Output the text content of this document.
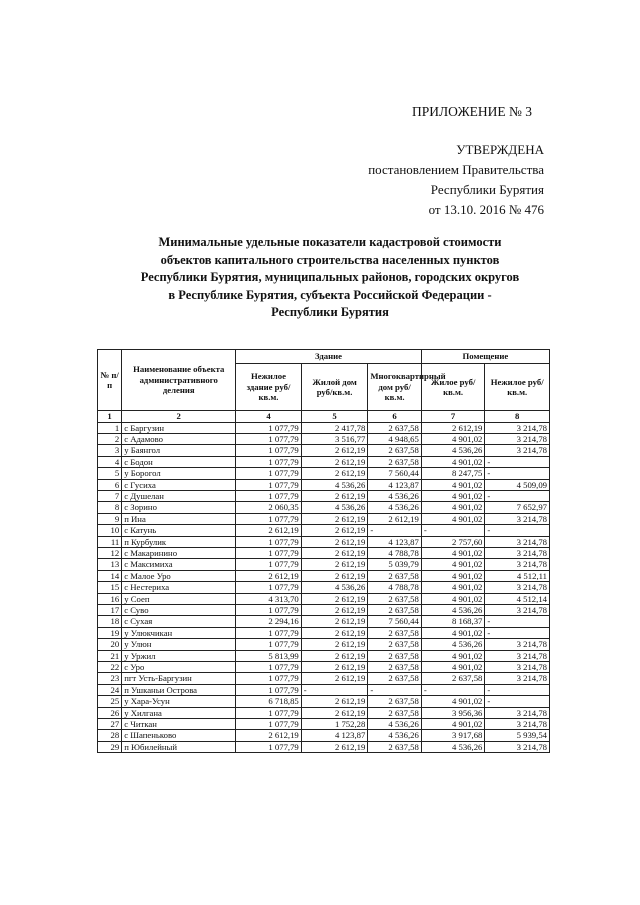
ПРИЛОЖЕНИЕ № 3
УТВЕРЖДЕНА
постановлением Правительства
Республики Бурятия
от 13.10. 2016 № 476
Минимальные удельные показатели кадастровой стоимости
объектов капитального строительства населенных пунктов
Республики Бурятия, муниципальных районов, городских округов
в Республике Бурятия, субъекта Российской Федерации -
Республики Бурятия
№ п/п	Наименование объекта административного деления	Здание			Помещение	
		Нежилое здание руб/кв.м.	Жилой дом руб/кв.м.	Многоквартирный дом руб/кв.м.	Жилое руб/кв.м.	Нежилое руб/кв.м.
1	2	4	5	6	7	8
1	с Баргузин	1 077,79	2 417,78	2 637,58	2 612,19	3 214,78
2	с Адамово	1 077,79	3 516,77	4 948,65	4 901,02	3 214,78
3	у Баянгол	1 077,79	2 612,19	2 637,58	4 536,26	3 214,78
4	с Бодон	1 077,79	2 612,19	2 637,58	4 901,02	-
5	у Борогол	1 077,79	2 612,19	7 560,44	8 247,75	-
6	с Гусиха	1 077,79	4 536,26	4 123,87	4 901,02	4 509,09
7	с Душелан	1 077,79	2 612,19	4 536,26	4 901,02	-
8	с Зорино	2 060,35	4 536,26	4 536,26	4 901,02	7 652,97
9	п Ина	1 077,79	2 612,19	2 612,19	4 901,02	3 214,78
10	с Катунь	2 612,19	2 612,19	-	-	-
11	п Курбулик	1 077,79	2 612,19	4 123,87	2 757,60	3 214,78
12	с Макаринино	1 077,79	2 612,19	4 788,78	4 901,02	3 214,78
13	с Максимиха	1 077,79	2 612,19	5 039,79	4 901,02	3 214,78
14	с Малое Уро	2 612,19	2 612,19	2 637,58	4 901,02	4 512,11
15	с Нестериха	1 077,79	4 536,26	4 788,78	4 901,02	3 214,78
16	у Соеп	4 313,70	2 612,19	2 637,58	4 901,02	4 512,14
17	с Суво	1 077,79	2 612,19	2 637,58	4 536,26	3 214,78
18	с Сухая	2 294,16	2 612,19	7 560,44	8 168,37	-
19	у Улюкчикан	1 077,79	2 612,19	2 637,58	4 901,02	-
20	у Улюн	1 077,79	2 612,19	2 637,58	4 536,26	3 214,78
21	у Уржил	5 813,99	2 612,19	2 637,58	4 901,02	3 214,78
22	с Уро	1 077,79	2 612,19	2 637,58	4 901,02	3 214,78
23	пгт Усть-Баргузин	1 077,79	2 612,19	2 637,58	2 637,58	3 214,78
24	п Ушканьи Острова	1 077,79	-	-	-	-
25	у Хара-Усун	6 718,85	2 612,19	2 637,58	4 901,02	-
26	у Хилгана	1 077,79	2 612,19	2 637,58	3 956,36	3 214,78
27	с Читкан	1 077,79	1 752,28	4 536,26	4 901,02	3 214,78
28	с Шапеньково	2 612,19	4 123,87	4 536,26	3 917,68	5 939,54
29	п Юбилейный	1 077,79	2 612,19	2 637,58	4 536,26	3 214,78
